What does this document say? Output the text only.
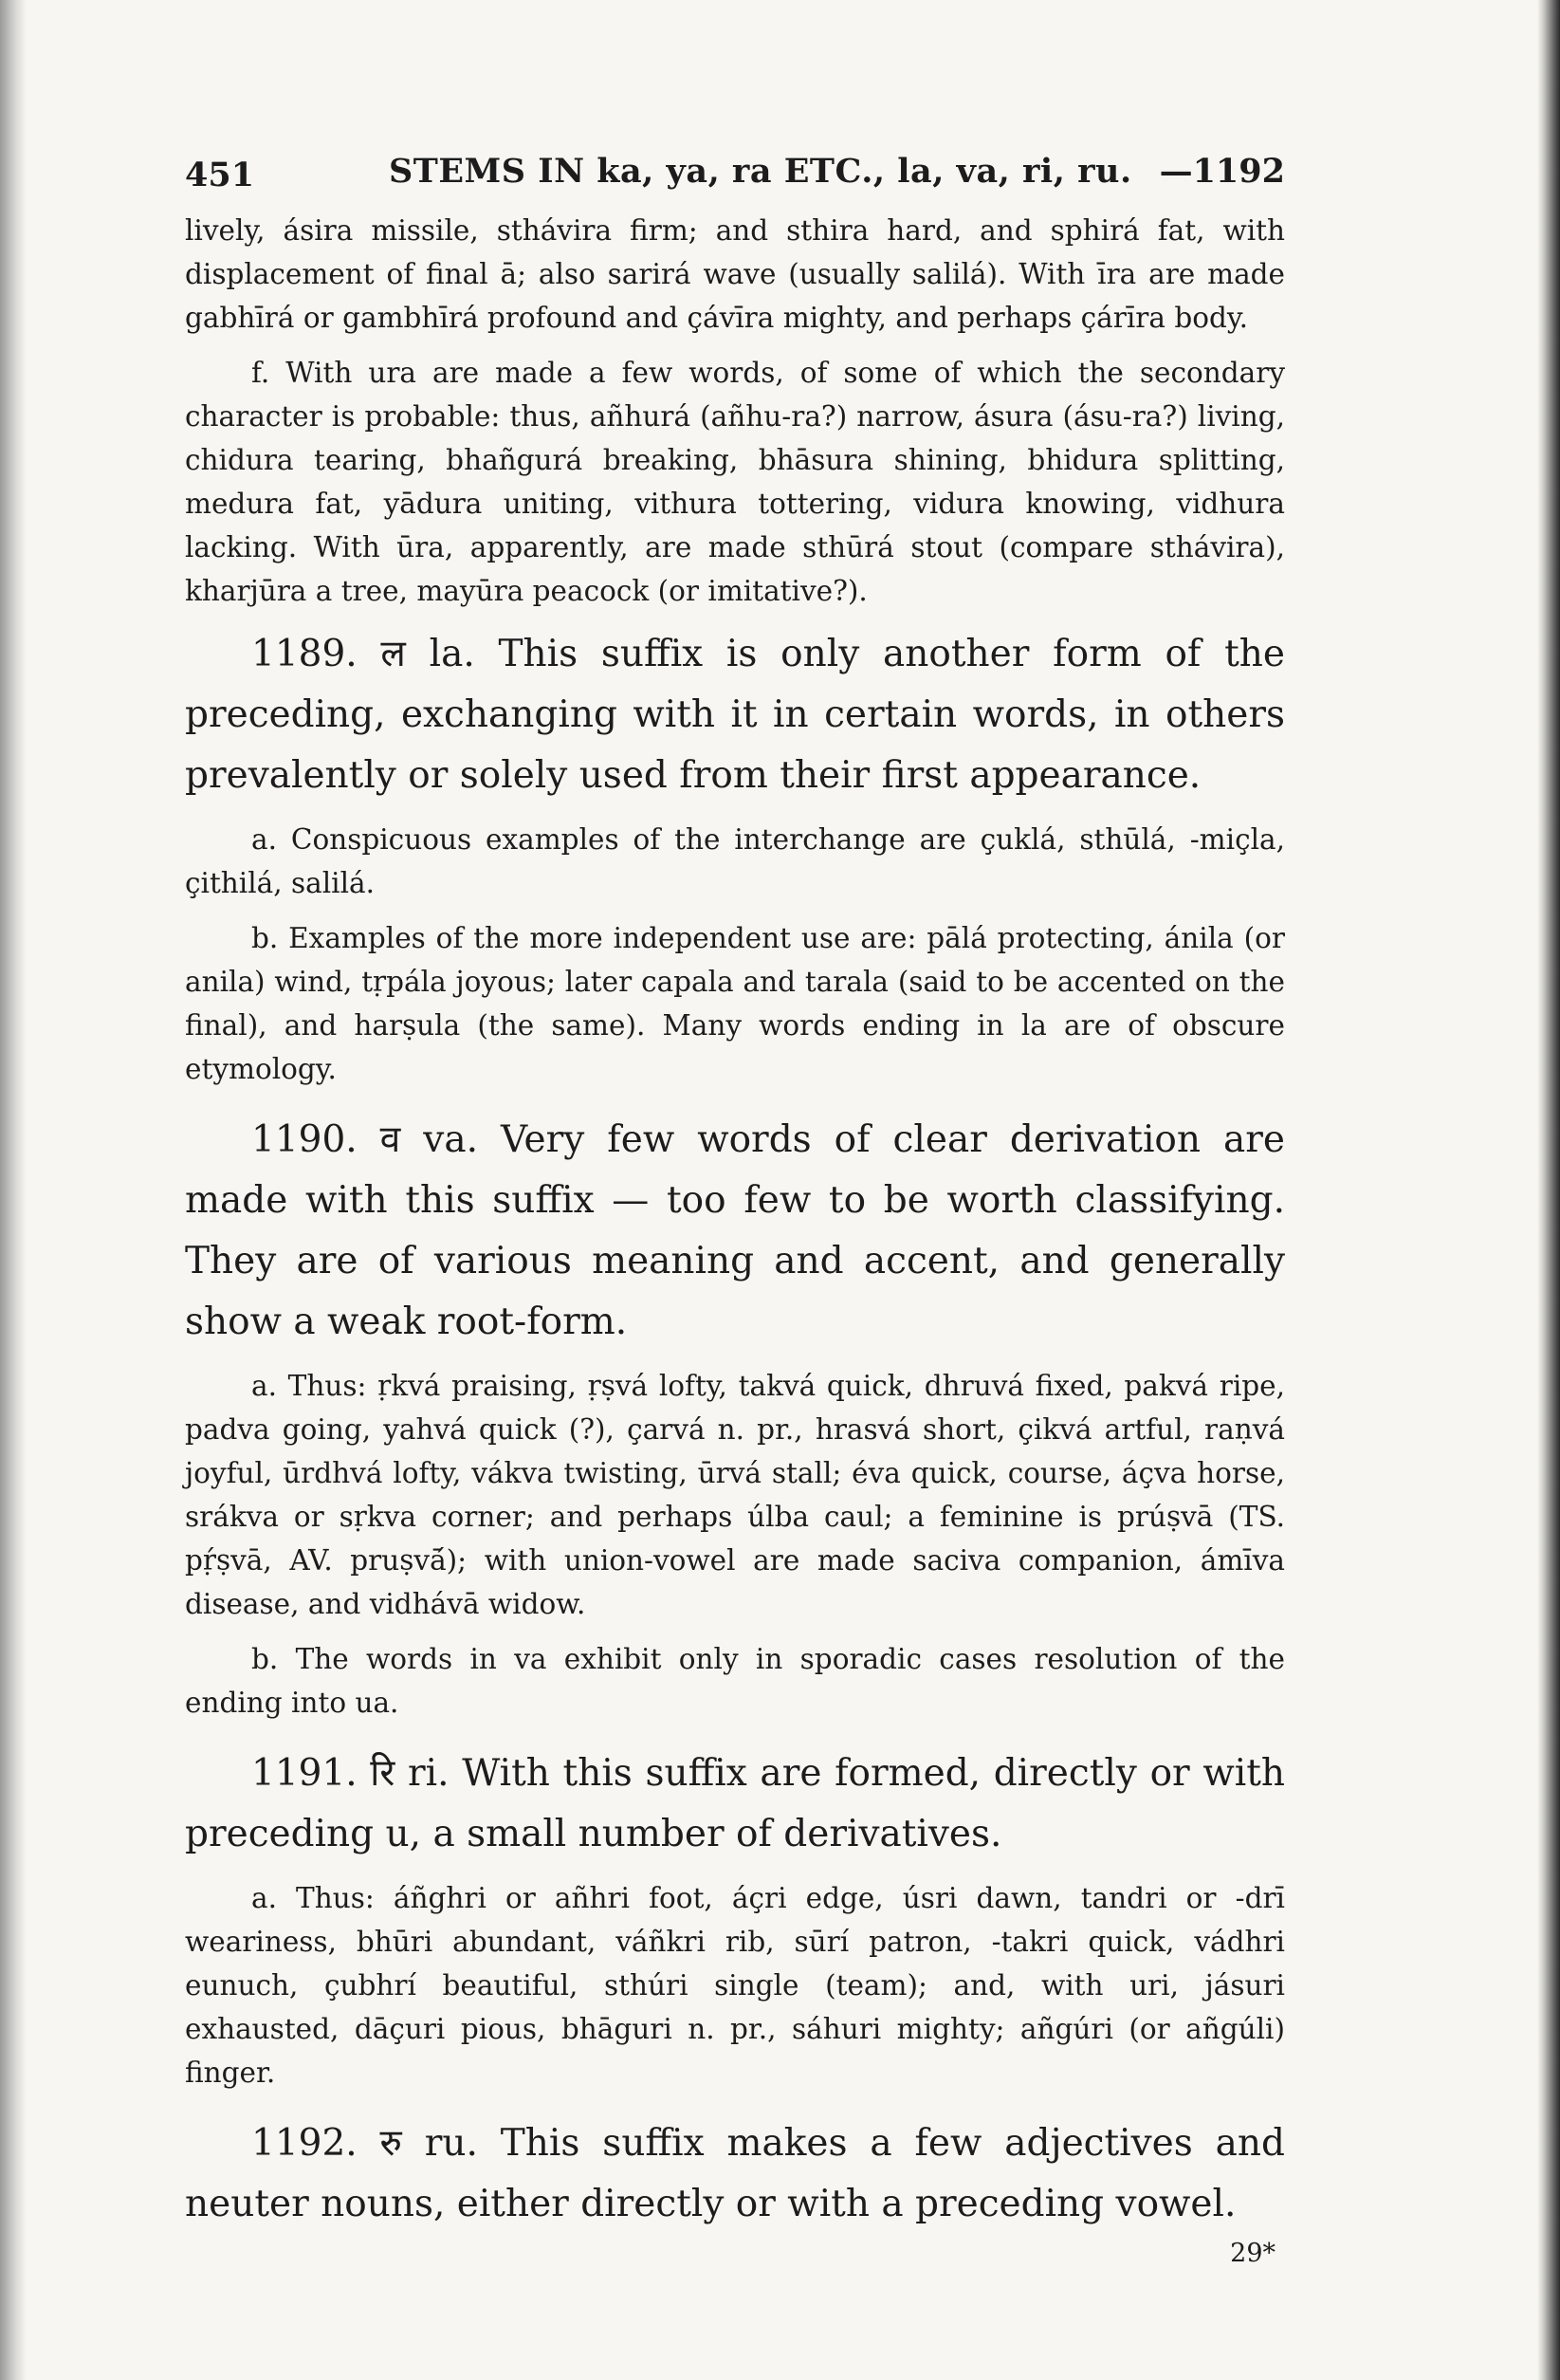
451	STEMS IN ka, ya, ra ETC., la, va, ri, ru. —1192

lively, ásira missile, sthávira firm; and sthira hard, and sphirá fat, with displacement of final ā; also sarirá wave (usually salilá). With īra are made gabhīrá or gambhīrá profound and çávīra mighty, and perhaps çárīra body.

f. With ura are made a few words, of some of which the secondary character is probable: thus, añhurá (añhu-ra?) narrow, ásura (ásu-ra?) living, chidura tearing, bhañgurá breaking, bhāsura shining, bhidura splitting, medura fat, yādura uniting, vithura tottering, vidura knowing, vidhura lacking. With ūra, apparently, are made sthūrá stout (compare sthávira), kharjūra a tree, mayūra peacock (or imitative?).

1189. ल la. This suffix is only another form of the preceding, exchanging with it in certain words, in others prevalently or solely used from their first appearance.

a. Conspicuous examples of the interchange are çuklá, sthūlá, -miçla, çithilá, salilá.

b. Examples of the more independent use are: pālá protecting, ánila (or anila) wind, tṛpála joyous; later capala and tarala (said to be accented on the final), and harṣula (the same). Many words ending in la are of obscure etymology.

1190. व va. Very few words of clear derivation are made with this suffix — too few to be worth classifying. They are of various meaning and accent, and generally show a weak root-form.

a. Thus: ṛkvá praising, ṛṣvá lofty, takvá quick, dhruvá fixed, pakvá ripe, padva going, yahvá quick (?), çarvá n. pr., hrasvá short, çikvá artful, raṇvá joyful, ūrdhvá lofty, vákva twisting, ūrvá stall; éva quick, course, áçva horse, srákva or sṛkva corner; and perhaps úlba caul; a feminine is prúṣvā (TS. pṛ́ṣvā, AV. pruṣvā́); with union-vowel are made saciva companion, ámīva disease, and vidhávā widow.

b. The words in va exhibit only in sporadic cases resolution of the ending into ua.

1191. रि ri. With this suffix are formed, directly or with preceding u, a small number of derivatives.

a. Thus: áñghri or añhri foot, áçri edge, úsri dawn, tandri or -drī weariness, bhūri abundant, váñkri rib, sūrí patron, -takri quick, vádhri eunuch, çubhrí beautiful, sthúri single (team); and, with uri, jásuri exhausted, dāçuri pious, bhāguri n. pr., sáhuri mighty; añgúri (or añgúli) finger.

1192. रु ru. This suffix makes a few adjectives and neuter nouns, either directly or with a preceding vowel.

29*
